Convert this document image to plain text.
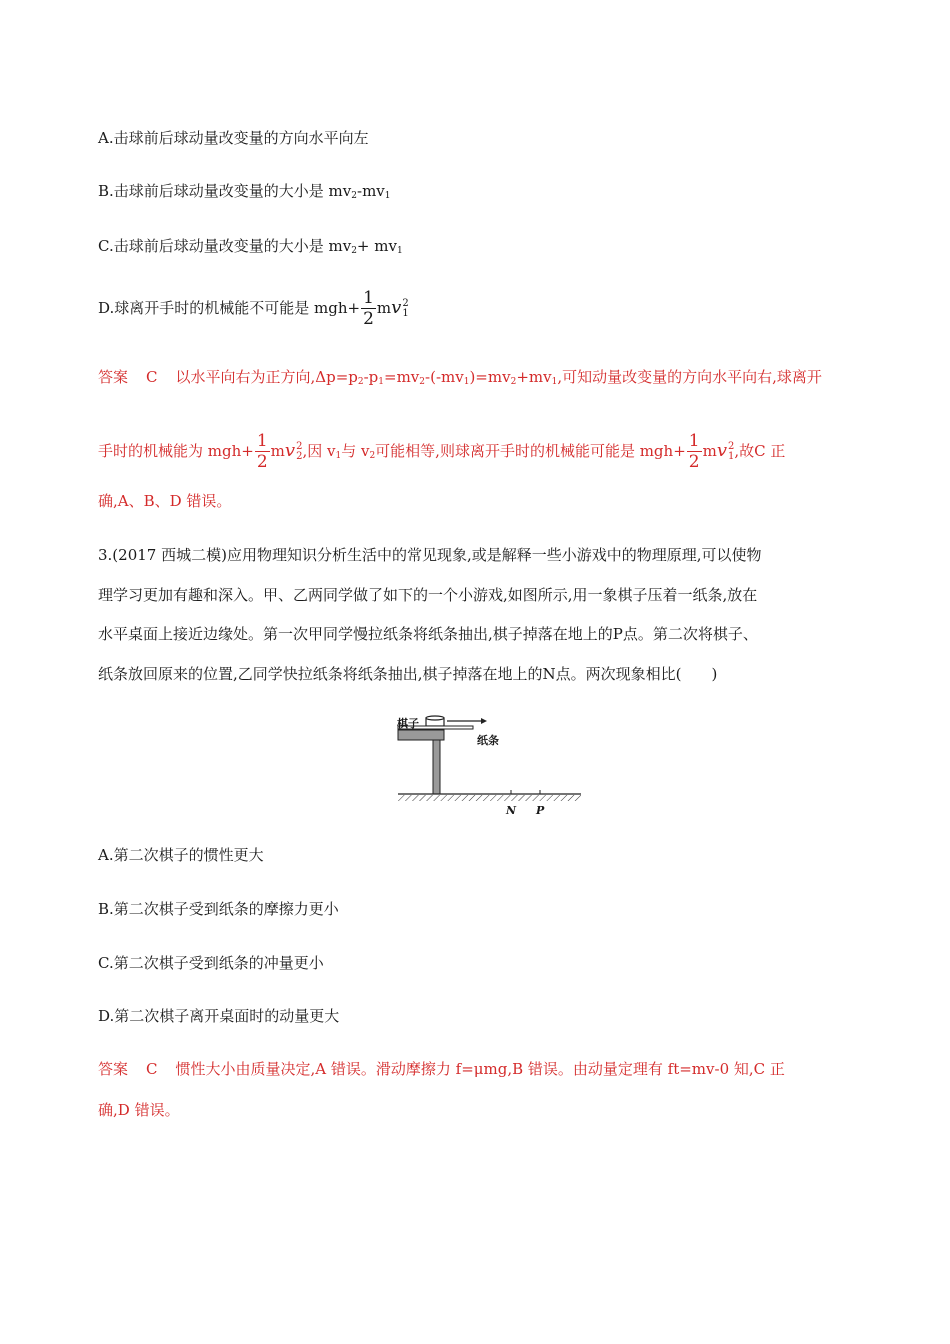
A.击球前后球动量改变量的方向水平向左
B.击球前后球动量改变量的大小是 $mv_2-mv_1$
C.击球前后球动量改变量的大小是 $mv_2+ mv_1$
D.球离开手时的机械能不可能是 $mgh+ \frac{1}{2}$ mv 2
1
答案 C 以水平向右为正方向$,\Delta p=p_2-p_1=mv_2-(-mv_1)=mv_2+mv_1$,可知动量改变量的方向水平向右,球离开
手时的机械能为 $mgh+ \frac{1}{2}$ mv 2
2 ,因 $v_1$与 $v_2$可能相等,则球离开手时的机械能可能是 $mgh+ \frac{1}{2}$ mv 2
1 ,故C 正
确,A、B、D 错误。
3.(2017 西城二模)应用物理知识分析生活中的常见现象,或是解释一些小游戏中的物理原理,可以使物
理学习更加有趣和深入。甲、乙两同学做了如下的一个小游戏,如图所示,用一象棋子压着一纸条,放在
水平桌面上接近边缘处。第一次甲同学慢拉纸条将纸条抽出,棋子掉落在地上的P点。第二次将棋子、
纸条放回原来的位置,乙同学快拉纸条将纸条抽出,棋子掉落在地上的N点。两次现象相比(　　)
棋子
纸条
N P
A.第二次棋子的惯性更大
B.第二次棋子受到纸条的摩擦力更小
C.第二次棋子受到纸条的冲量更小
D.第二次棋子离开桌面时的动量更大
答案 C 惯性大小由质量决定,A 错误。滑动摩擦力 f=μmg,B 错误。由动量定理有 ft=mv-0 知,C 正
确,D 错误。
